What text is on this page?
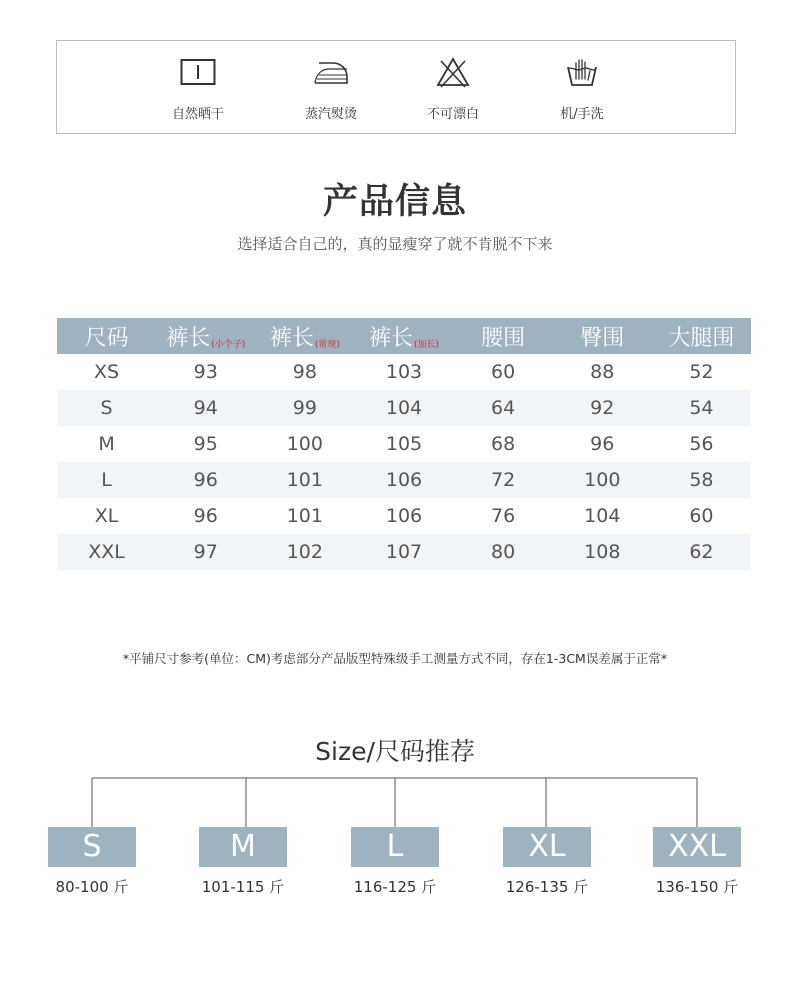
自然晒干	蒸汽熨烫	不可漂白	机/手洗
产品信息
选择适合自己的，真的显瘦穿了就不肯脱不下来
尺码	裤长(小个子)	裤长(常规)	裤长(加长)	腰围	臀围	大腿围
XS	93	98	103	60	88	52
S	94	99	104	64	92	54
M	95	100	105	68	96	56
L	96	101	106	72	100	58
XL	96	101	106	76	104	60
XXL	97	102	107	80	108	62
*平铺尺寸参考(单位：CM)考虑部分产品版型特殊级手工测量方式不同，存在1-3CM误差属于正常*
Size/尺码推荐
S	M	L	XL	XXL
80-100 斤	101-115 斤	116-125 斤	126-135 斤	136-150 斤
